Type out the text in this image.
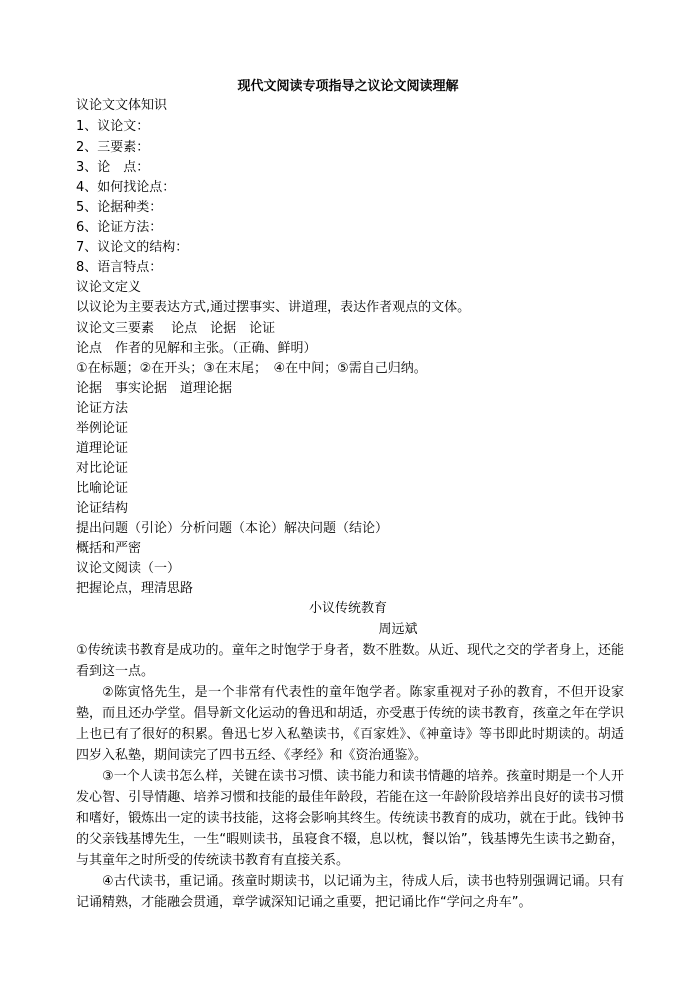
现代文阅读专项指导之议论文阅读理解
议论文文体知识
1、议论文：
2、三要素：
3、论　点：
4、如何找论点：
5、论据种类：
6、论证方法：
7、议论文的结构：
8、语言特点：
议论文定义
以议论为主要表达方式,通过摆事实、讲道理，表达作者观点的文体。
议论文三要素　 论点　论据　论证
论点　作者的见解和主张。（正确、鲜明）
①在标题；②在开头；③在末尾；　④在中间；⑤需自己归纳。
论据　事实论据　道理论据
论证方法
举例论证
道理论证
对比论证
比喻论证
论证结构
提出问题（引论）分析问题（本论）解决问题（结论）
概括和严密
议论文阅读（一）
把握论点，理清思路
小议传统教育
周远斌
①传统读书教育是成功的。童年之时饱学于身者，数不胜数。从近、现代之交的学者身上，还能看到这一点。
②陈寅恪先生，是一个非常有代表性的童年饱学者。陈家重视对子孙的教育，不但开设家塾，而且还办学堂。倡导新文化运动的鲁迅和胡适，亦受惠于传统的读书教育，孩童之年在学识上也已有了很好的积累。鲁迅七岁入私塾读书，《百家姓》、《神童诗》等书即此时期读的。胡适四岁入私塾，期间读完了四书五经、《孝经》和《资治通鉴》。
③一个人读书怎么样，关键在读书习惯、读书能力和读书情趣的培养。孩童时期是一个人开发心智、引导情趣、培养习惯和技能的最佳年龄段，若能在这一年龄阶段培养出良好的读书习惯和嗜好，锻炼出一定的读书技能，这将会影响其终生。传统读书教育的成功，就在于此。钱钟书的父亲钱基博先生，一生“暇则读书，虽寝食不辍，息以枕，餐以饴”，钱基博先生读书之勤奋，与其童年之时所受的传统读书教育有直接关系。
④古代读书，重记诵。孩童时期读书，以记诵为主，待成人后，读书也特别强调记诵。只有记诵精熟，才能融会贯通，章学诚深知记诵之重要，把记诵比作“学问之舟车”。
